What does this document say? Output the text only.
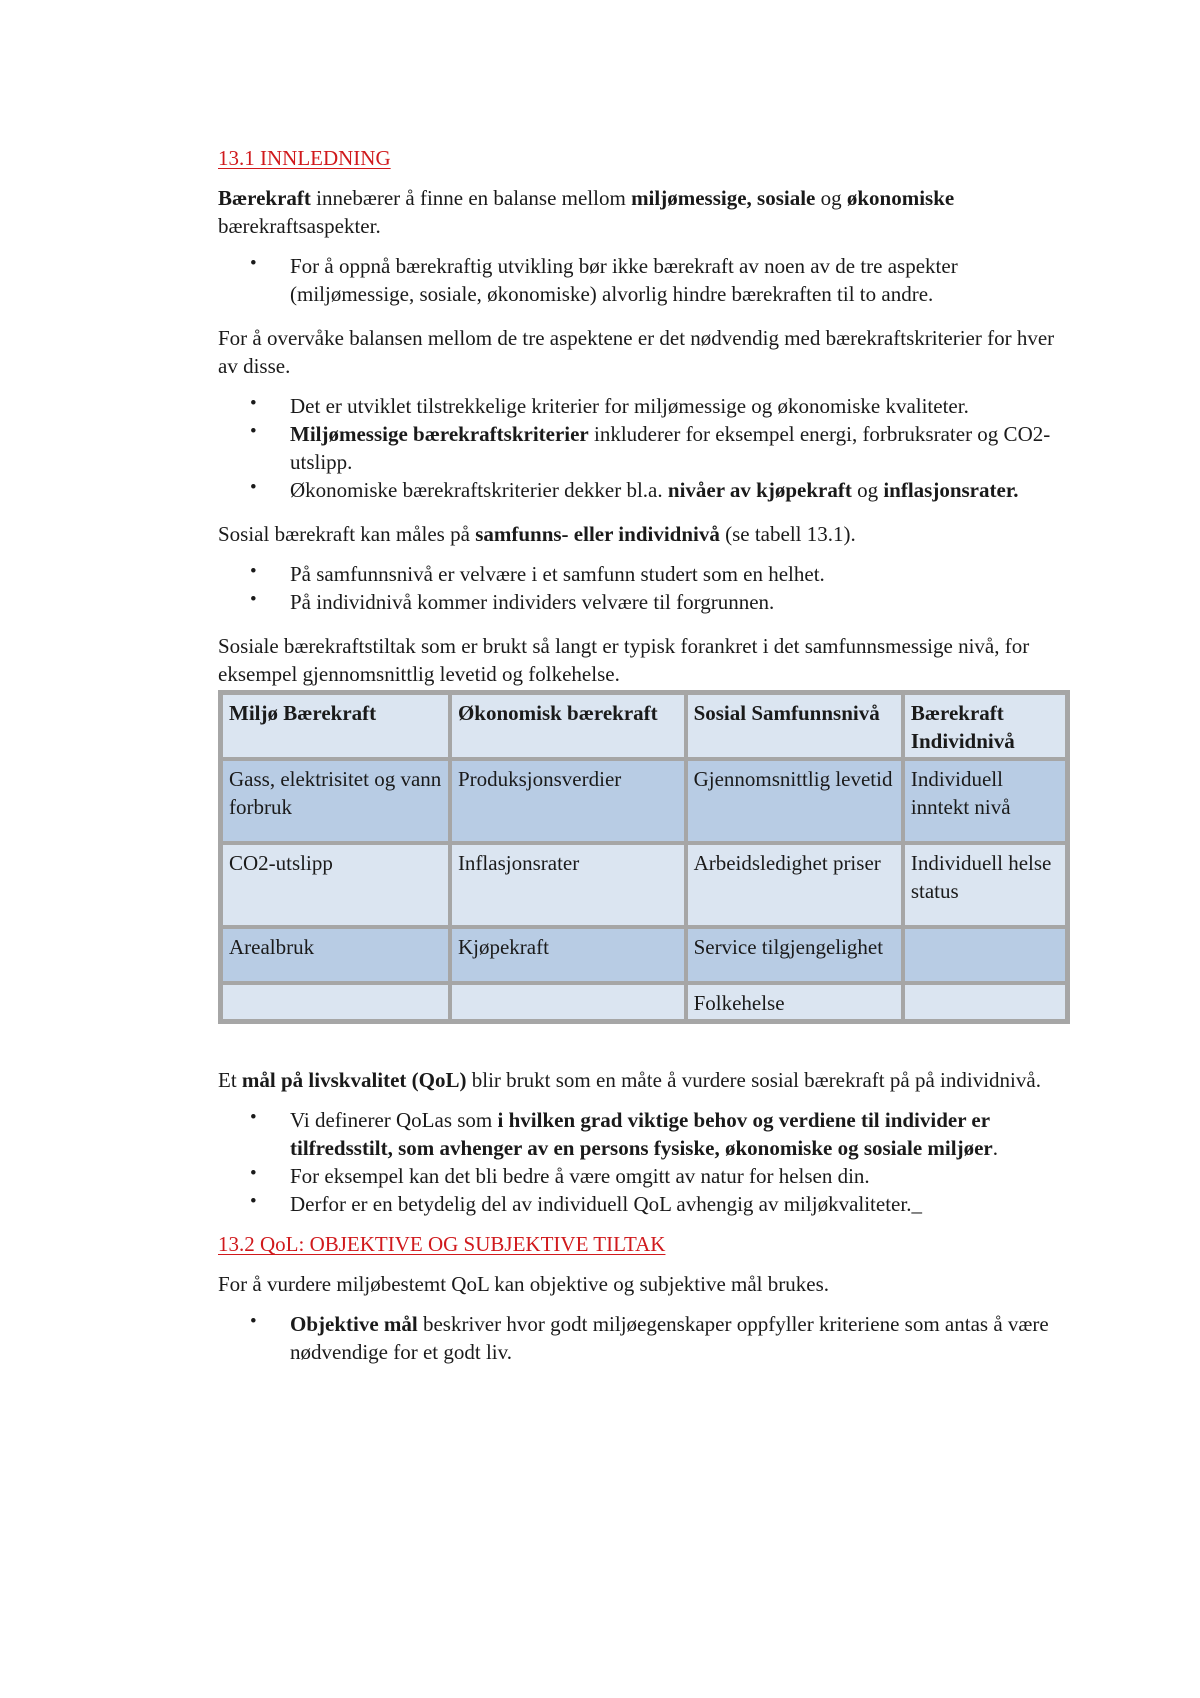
13.1 INNLEDNING

Bærekraft innebærer å finne en balanse mellom miljømessige, sosiale og økonomiske bærekraftsaspekter.

• For å oppnå bærekraftig utvikling bør ikke bærekraft av noen av de tre aspekter (miljømessige, sosiale, økonomiske) alvorlig hindre bærekraften til to andre.

For å overvåke balansen mellom de tre aspektene er det nødvendig med bærekraftskriterier for hver av disse.

• Det er utviklet tilstrekkelige kriterier for miljømessige og økonomiske kvaliteter.
• Miljømessige bærekraftskriterier inkluderer for eksempel energi, forbruksrater og CO2-utslipp.
• Økonomiske bærekraftskriterier dekker bl.a. nivåer av kjøpekraft og inflasjonsrater.

Sosial bærekraft kan måles på samfunns- eller individnivå (se tabell 13.1).

• På samfunnsnivå er velvære i et samfunn studert som en helhet.
• På individnivå kommer individers velvære til forgrunnen.

Sosiale bærekraftstiltak som er brukt så langt er typisk forankret i det samfunnsmessige nivå, for eksempel gjennomsnittlig levetid og folkehelse.

Miljø Bærekraft	Økonomisk bærekraft	Sosial Samfunnsnivå	Bærekraft Individnivå
Gass, elektrisitet og vann forbruk	Produksjonsverdier	Gjennomsnittlig levetid	Individuell inntekt nivå
CO2-utslipp	Inflasjonsrater	Arbeidsledighet priser	Individuell helse status
Arealbruk	Kjøpekraft	Service tilgjengelighet	
		Folkehelse	

Et mål på livskvalitet (QoL) blir brukt som en måte å vurdere sosial bærekraft på på individnivå.

• Vi definerer QoLas som i hvilken grad viktige behov og verdiene til individer er tilfredsstilt, som avhenger av en persons fysiske, økonomiske og sosiale miljøer.
• For eksempel kan det bli bedre å være omgitt av natur for helsen din.
• Derfor er en betydelig del av individuell QoL avhengig av miljøkvaliteter._
13.2 QoL: OBJEKTIVE OG SUBJEKTIVE TILTAK

For å vurdere miljøbestemt QoL kan objektive og subjektive mål brukes.

• Objektive mål beskriver hvor godt miljøegenskaper oppfyller kriteriene som antas å være nødvendige for et godt liv.
